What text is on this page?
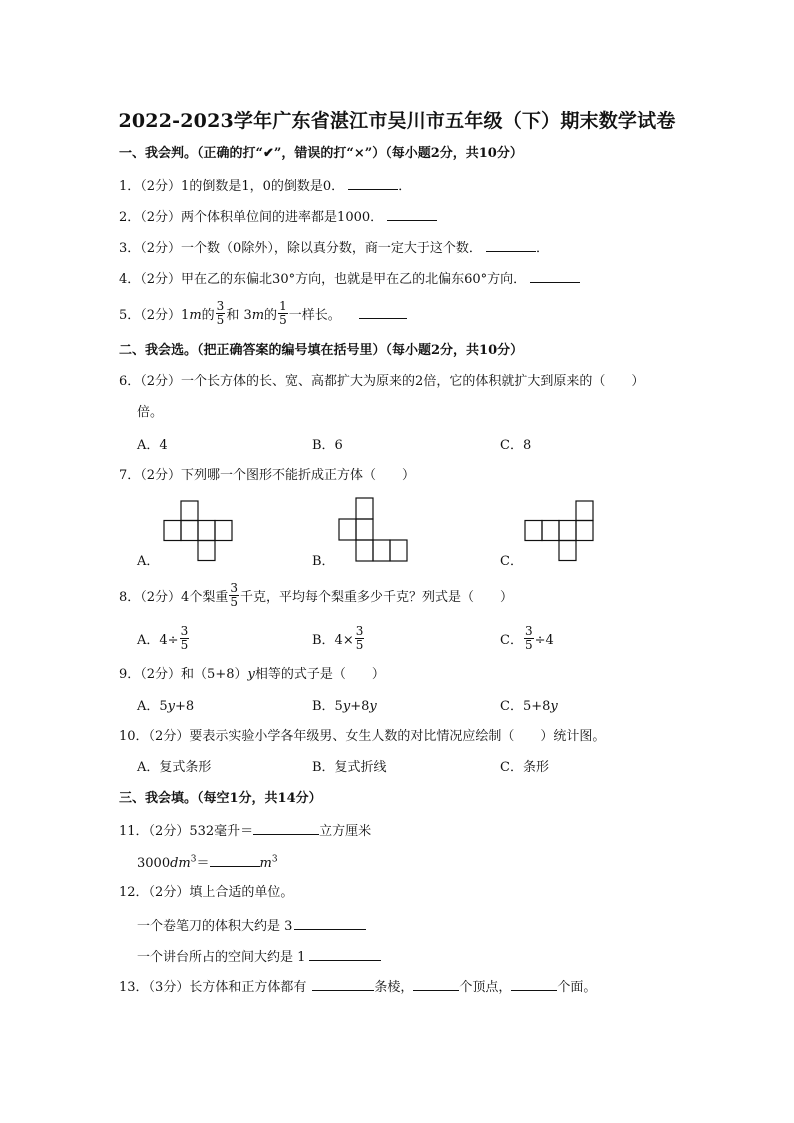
2022-2023学年广东省湛江市吴川市五年级（下）期末数学试卷
一、我会判。（正确的打“✔”，错误的打“×”）（每小题2分，共10分）
1．（2分）1的倒数是1，0的倒数是0．	．
2．（2分）两个体积单位间的进率都是1000．
3．（2分）一个数（0除外），除以真分数，商一定大于这个数．	．
4．（2分）甲在乙的东偏北30°方向，也就是甲在乙的北偏东60°方向．
5．（2分）1m的 $\frac{3}{5}$ 和 3m的 $\frac{1}{5}$ 一样长。
二、我会选。（把正确答案的编号填在括号里）（每小题2分，共10分）
6．（2分）一个长方体的长、宽、高都扩大为原来的2倍，它的体积就扩大到原来的（　　）
倍。
A．4	B．6	C．8
7．（2分）下列哪一个图形不能折成正方体（　　）
A．	B．	C．
8．（2分）4个梨重 $\frac{3}{5}$ 千克，平均每个梨重多少千克？列式是（　　）
A．$4\div \frac{3}{5}$	B．$4\times \frac{3}{5}$	C． $\frac{3}{5} \div 4$
9．（2分）和（5+8）y相等的式子是（　　）
A．5y+8	B．5y+8y	C．5+8y
10．（2分）要表示实验小学各年级男、女生人数的对比情况应绘制（　　）统计图。
A．复式条形	B．复式折线	C．条形
三、我会填。（每空1分，共14分）
11．（2分）532毫升＝	立方厘米
$3000dm^3=$	$m^3$
12．（2分）填上合适的单位。
一个卷笔刀的体积大约是 3
一个讲台所占的空间大约是 1
13．（3分）长方体和正方体都有	条棱，	个顶点，	个面。
